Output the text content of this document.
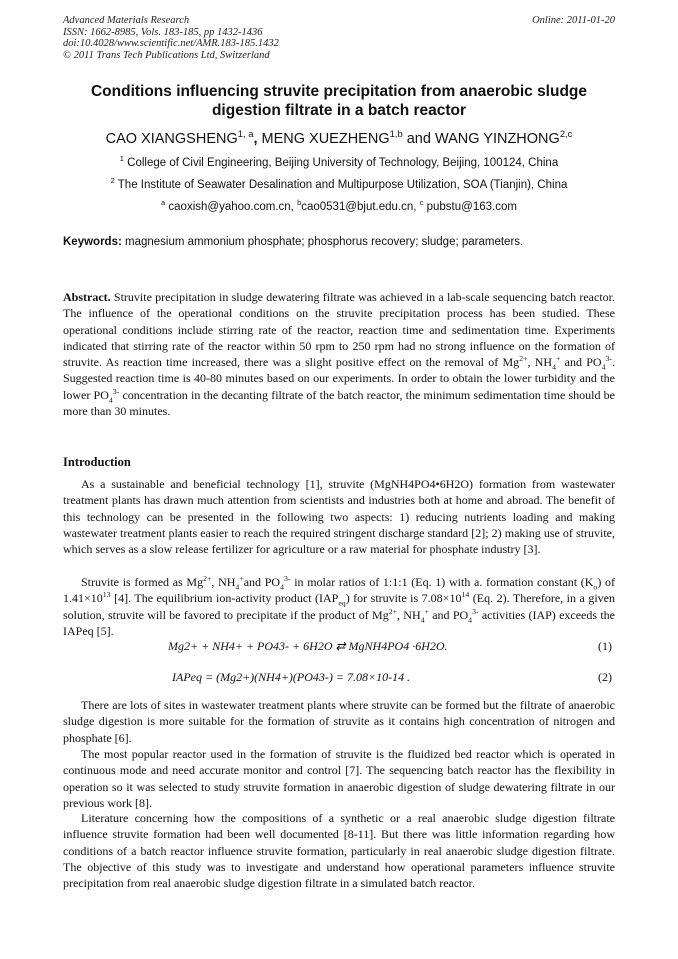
Advanced Materials Research
ISSN: 1662-8985, Vols. 183-185, pp 1432-1436
doi:10.4028/www.scientific.net/AMR.183-185.1432
© 2011 Trans Tech Publications Ltd, Switzerland
Online: 2011-01-20
Conditions influencing struvite precipitation from anaerobic sludge
digestion filtrate in a batch reactor
CAO XIANGSHENG$^{1, a}$, MENG XUEZHENG$^{1,b}$ and WANG YINZHONG$^{2,c}$
$^1$ College of Civil Engineering, Beijing University of Technology, Beijing, 100124, China
$^2$ The Institute of Seawater Desalination and Multipurpose Utilization, SOA (Tianjin), China
$^a$ caoxish@yahoo.com.cn, $^b$cao0531@bjut.edu.cn, $^c$ pubstu@163.com
Keywords: magnesium ammonium phosphate; phosphorus recovery; sludge; parameters.
Abstract. Struvite precipitation in sludge dewatering filtrate was achieved in a lab-scale sequencing batch reactor. The influence of the operational conditions on the struvite precipitation process has been studied. These operational conditions include stirring rate of the reactor, reaction time and sedimentation time. Experiments indicated that stirring rate of the reactor within 50 rpm to 250 rpm had no strong influence on the formation of struvite. As reaction time increased, there was a slight positive effect on the removal of $Mg^{2+}$, $NH_4^+$ and $PO_4^{3-}$. Suggested reaction time is 40-80 minutes based on our experiments. In order to obtain the lower turbidity and the lower $PO_4^{3-}$ concentration in the decanting filtrate of the batch reactor, the minimum sedimentation time should be more than 30 minutes.
Introduction

As a sustainable and beneficial technology [1], struvite (MgNH4PO4•6H2O) formation from wastewater treatment plants has drawn much attention from scientists and industries both at home and abroad. The benefit of this technology can be presented in the following two aspects: 1) reducing nutrients loading and making wastewater treatment plants easier to reach the required stringent discharge standard [2]; 2) making use of struvite, which serves as a slow release fertilizer for agriculture or a raw material for phosphate industry [3].

Struvite is formed as $Mg^{2+}$, $NH_4^+and$ $PO_4^{3-}$ in molar ratios of 1:1:1 (Eq. 1) with a. formation constant $(K_o)$ of $1.41\times 10^{13}$ [4]. The equilibrium ion-activity product $(IAP_{eq})$ for struvite is $7.08\times 10^{14}$ (Eq. 2). Therefore, in a given solution, struvite will be favored to precipitate if the product of $Mg^{2+}$, $NH_4^+$ and $PO_4^{3-}$ activities (IAP) exceeds the IAPeq [5].

Mg2+ + NH4+ + PO43- + 6H2O ⇄ MgNH4PO4 ·6H2O.	(1)
IAPeq = (Mg2+)(NH4+)(PO43-) = 7.08×10-14 .	(2)

There are lots of sites in wastewater treatment plants where struvite can be formed but the filtrate of anaerobic sludge digestion is more suitable for the formation of struvite as it contains high concentration of nitrogen and phosphate [6].

The most popular reactor used in the formation of struvite is the fluidized bed reactor which is operated in continuous mode and need accurate monitor and control [7]. The sequencing batch reactor has the flexibility in operation so it was selected to study struvite formation in anaerobic digestion of sludge dewatering filtrate in our previous work [8].

Literature concerning how the compositions of a synthetic or a real anaerobic sludge digestion filtrate influence struvite formation had been well documented [8-11]. But there was little information regarding how conditions of a batch reactor influence struvite formation, particularly in real anaerobic sludge digestion filtrate. The objective of this study was to investigate and understand how operational parameters influence struvite precipitation from real anaerobic sludge digestion filtrate in a simulated batch reactor.
